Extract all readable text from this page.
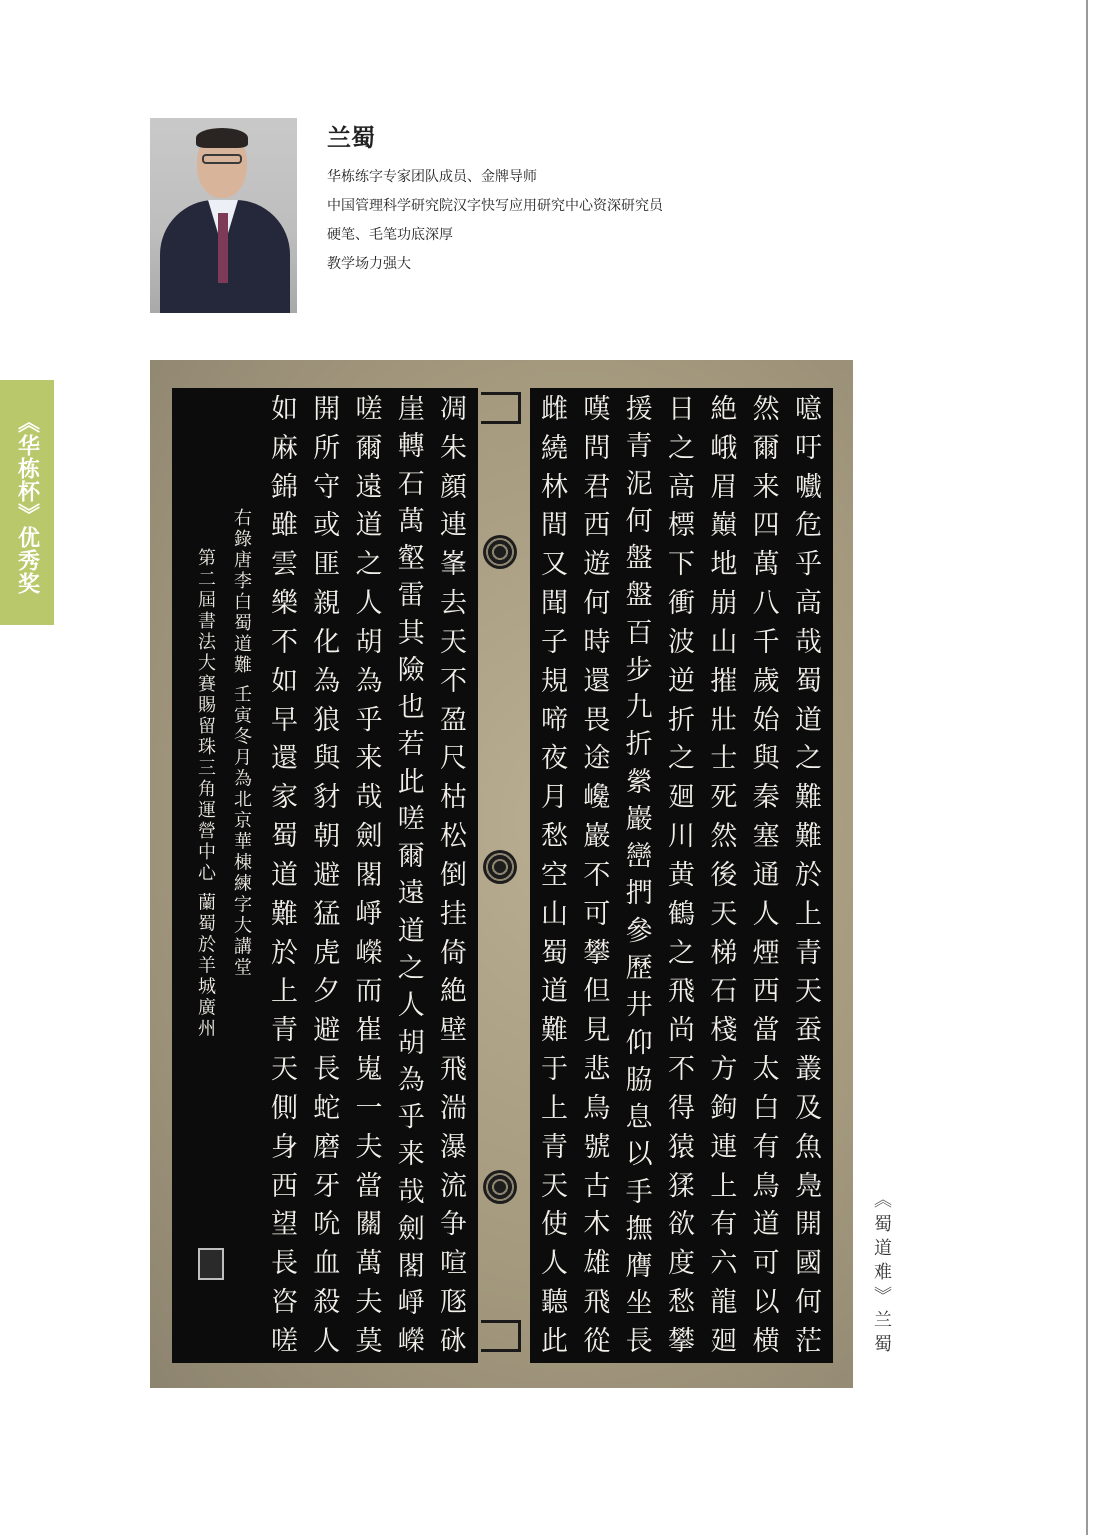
兰蜀
华栋练字专家团队成员、金牌导师
中国管理科学研究院汉字快写应用研究中心资深研究员
硬笔、毛笔功底深厚
教学场力强大
《华栋杯》优秀奖
噫
吁
嚱
危
乎
高
哉
蜀
道
之
難
難
於
上
青
天
蚕
叢
及
魚
鳧
開
國
何
茫
然
爾
来
四
萬
八
千
歲
始
與
秦
塞
通
人
煙
西
當
太
白
有
鳥
道
可
以
横
絶
峨
眉
巔
地
崩
山
摧
壯
士
死
然
後
天
梯
石
棧
方
鉤
連
上
有
六
龍
廻
日
之
高
標
下
衝
波
逆
折
之
廻
川
黄
鶴
之
飛
尚
不
得
猿
猱
欲
度
愁
攀
援
青
泥
何
盤
盤
百
步
九
折
縈
巖
巒
捫
參
歷
井
仰
脇
息
以
手
撫
膺
坐
長
嘆
問
君
西
遊
何
時
還
畏
途
巉
巖
不
可
攀
但
見
悲
鳥
號
古
木
雄
飛
從
雌
繞
林
間
又
聞
子
規
啼
夜
月
愁
空
山
蜀
道
難
于
上
青
天
使
人
聽
此
凋
朱
顔
連
峯
去
天
不
盈
尺
枯
松
倒
挂
倚
絶
壁
飛
湍
瀑
流
争
喧
豗
砯
崖
轉
石
萬
壑
雷
其
險
也
若
此
嗟
爾
遠
道
之
人
胡
為
乎
来
哉
劍
閣
崢
嶸
嗟
爾
遠
道
之
人
胡
為
乎
来
哉
劍
閣
崢
嶸
而
崔
嵬
一
夫
當
關
萬
夫
莫
開
所
守
或
匪
親
化
為
狼
與
豺
朝
避
猛
虎
夕
避
長
蛇
磨
牙
吮
血
殺
人
如
麻
錦
雖
雲
樂
不
如
早
還
家
蜀
道
難
於
上
青
天
側
身
西
望
長
咨
嗟
右錄唐李白蜀道難 壬寅冬月為北京華棟練字大講堂
第二屆書法大賽賜留珠三角運營中心 蘭蜀於羊城廣州
《蜀道难》兰蜀
